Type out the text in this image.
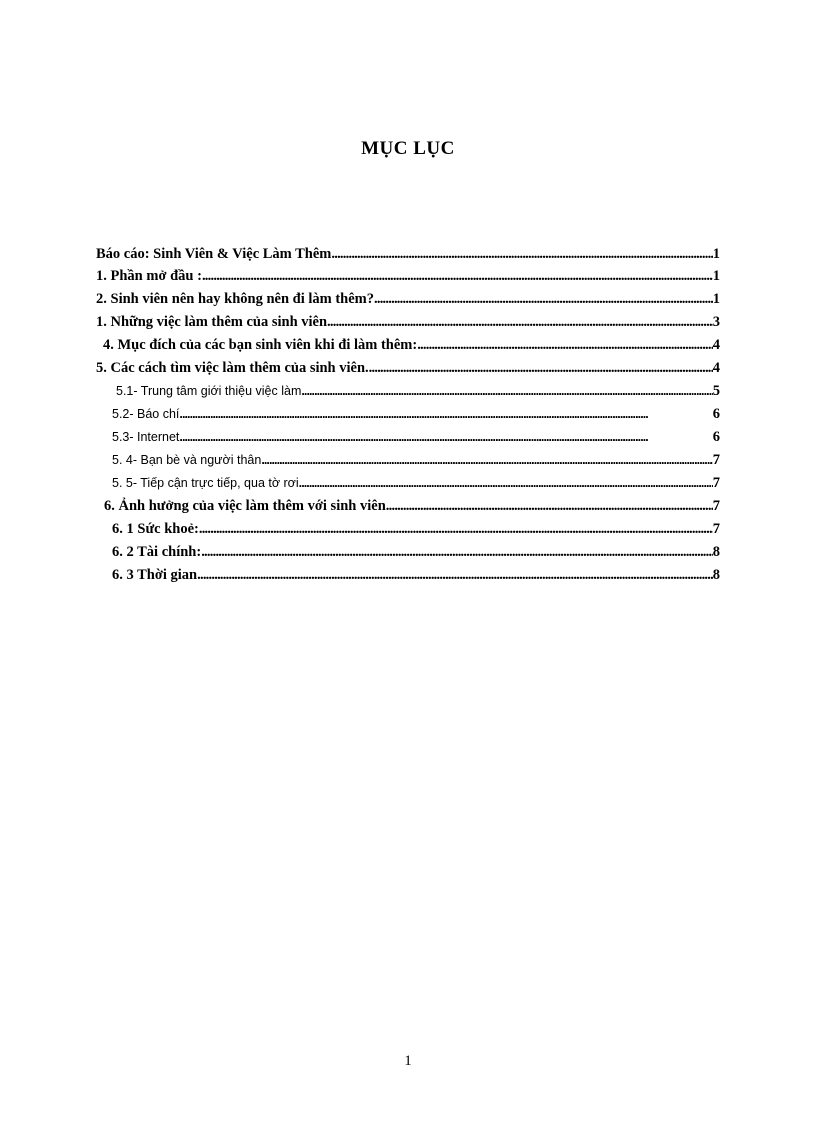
MỤC LỤC
Báo cáo: Sinh Viên & Việc Làm Thêm . . .	1
1. Phần mở đầu : . . .	1
2. Sinh viên nên hay không nên đi làm thêm? . . .	1
1. Những việc làm thêm của sinh viên . . .	3
4. Mục đích của các bạn sinh viên khi đi làm thêm: . . .	4
5. Các cách tìm việc làm thêm của sinh viên. . . .	4
5.1- Trung tâm giới thiệu việc làm . . .	5
5.2- Báo chí . . .	6
5.3- Internet . . .	6
5. 4- Bạn bè và người thân . . .	7
5. 5- Tiếp cận trực tiếp, qua tờ rơi . . .	7
6. Ảnh hưởng của việc làm thêm với sinh viên . . .	7
6. 1 Sức khoẻ: . . .	7
6. 2 Tài chính: . . .	8
6. 3 Thời gian . . .	8
1
